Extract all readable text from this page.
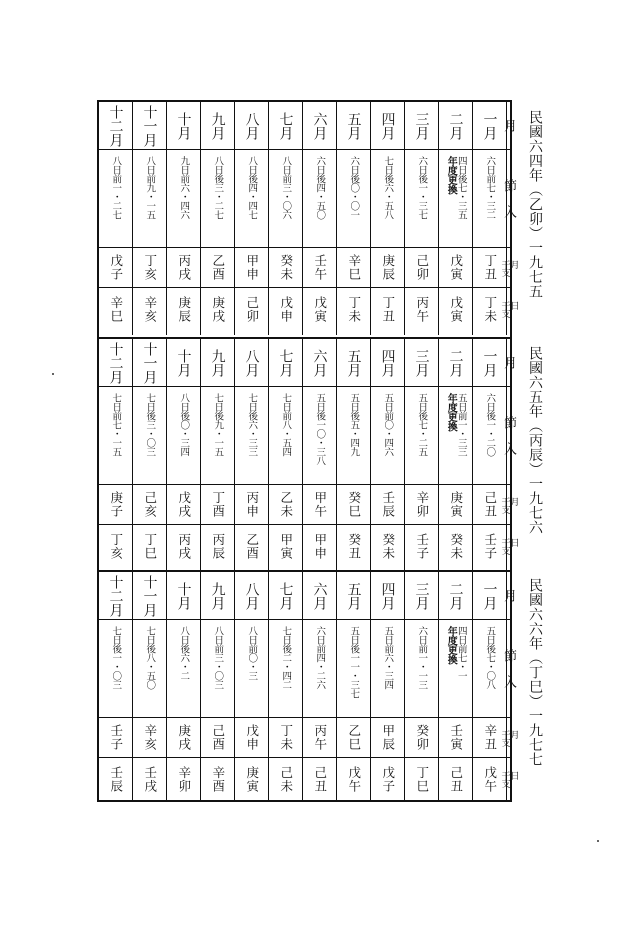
十二月
八日前一・二七
戊子
辛巳
十一月
八日前九・一五
丁亥
辛亥
十月
九日前六・四六
丙戌
庚辰
九月
八日後三・二七
乙酉
庚戌
八月
八日後四・四七
甲申
己卯
七月
八日前三・〇六
癸未
戊申
六月
六日後四・五〇
壬午
戊寅
五月
六日後〇・〇一
辛巳
丁未
四月
七日後六・五八
庚辰
丁丑
三月
六日後一・三七
己卯
丙午
二月
四日後七・三五
年度更換
戊寅
戊寅
一月
六日前七・三二
丁丑
丁未
月
節　入
月
干支
日
干支
十二月
七日前七・一五
庚子
丁亥
十一月
七日後三・〇三
己亥
丁巳
十月
八日後〇・三四
戊戌
丙戌
九月
七日後九・一五
丁酉
丙辰
八月
七日後六・三三
丙申
乙酉
七月
七日前八・五四
乙未
甲寅
六月
五日後一〇・三八
甲午
甲申
五月
五日後五・四九
癸巳
癸丑
四月
五日前〇・四六
壬辰
癸未
三月
五日後七・二五
辛卯
壬子
二月
五日前一・三三
年度更換
庚寅
癸未
一月
六日後一・二〇
己丑
壬子
月
節　入
月
干支
日
干支
十二月
七日後一・〇三
壬子
壬辰
十一月
七日後八・五〇
辛亥
壬戌
十月
八日後六・二
庚戌
辛卯
九月
八日前三・〇三
己酉
辛酉
八月
八日前〇・三
戊申
庚寅
七月
七日後二・四二
丁未
己未
六月
六日前四・二六
丙午
己丑
五月
五日後一一・三七
乙巳
戊午
四月
五日前六・三四
甲辰
戊子
三月
六日前一・一三
癸卯
丁巳
二月
四日前七・一
年度更換
壬寅
己丑
一月
五日後七・〇八
辛丑
戊午
月
節　入
月
干支
日
干支
民國六四年（乙卯）一九七五
民國六五年（丙辰）一九七六
民國六六年（丁巳）一九七七
